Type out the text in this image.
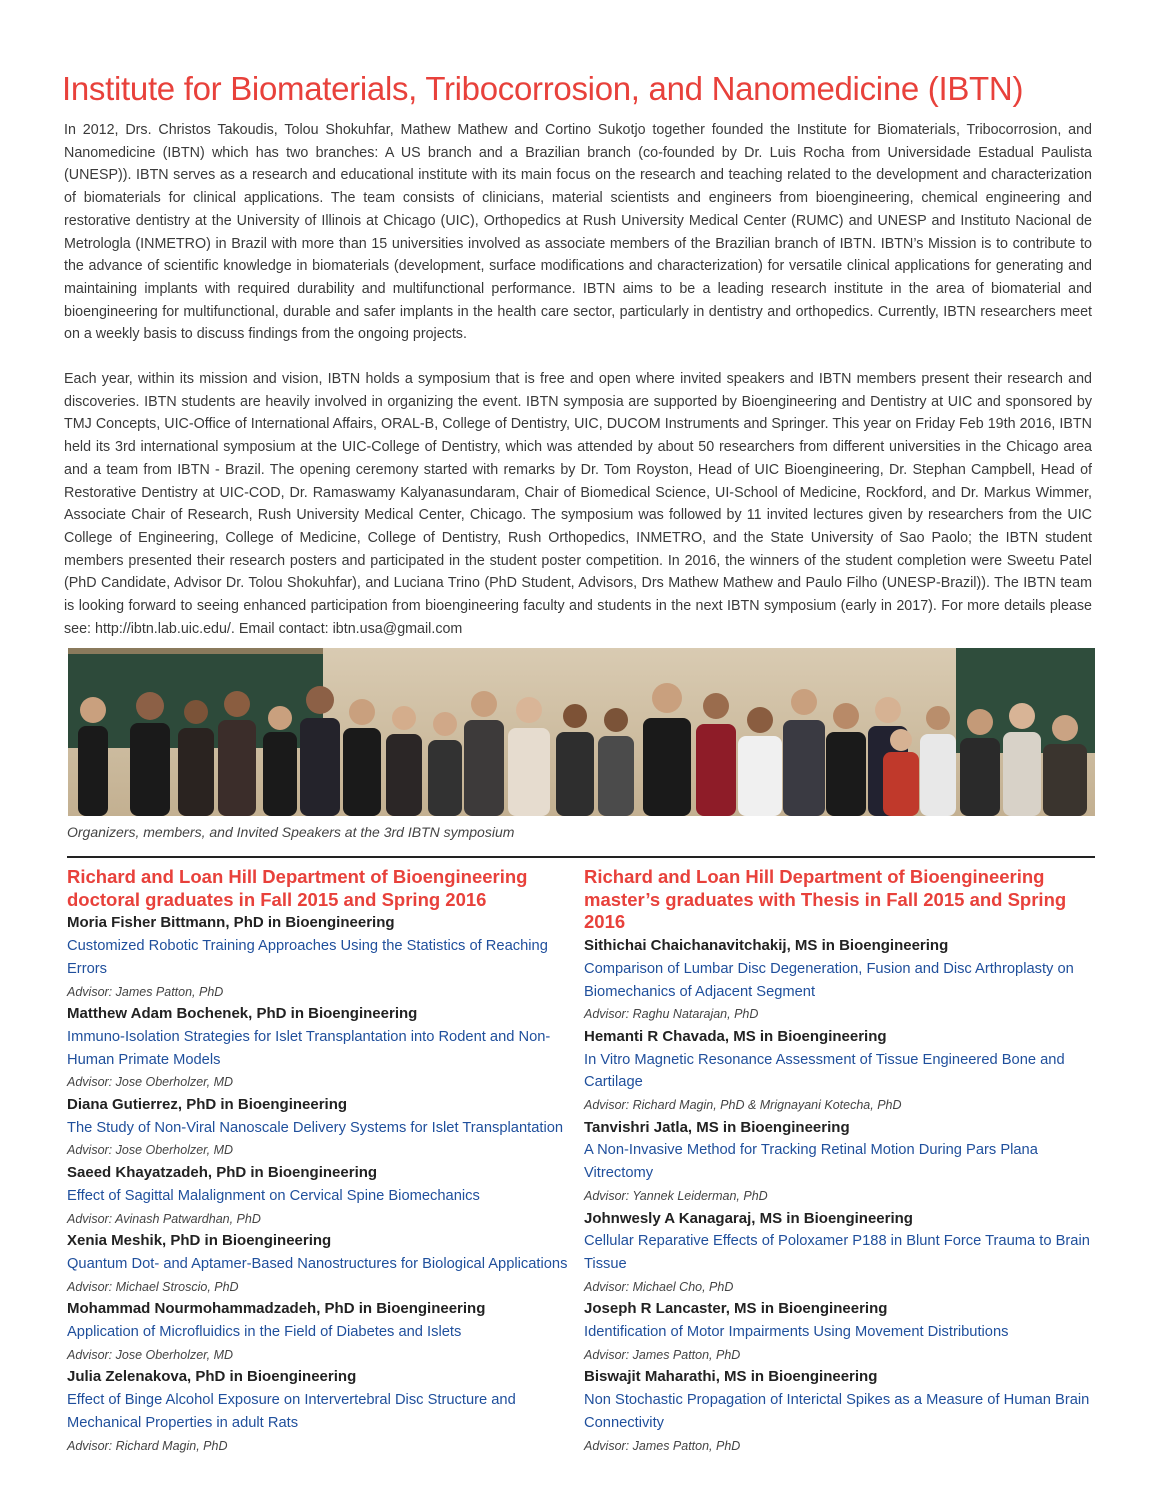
Institute for Biomaterials, Tribocorrosion, and Nanomedicine (IBTN)

In 2012, Drs. Christos Takoudis, Tolou Shokuhfar, Mathew Mathew and Cortino Sukotjo together founded the Institute for Biomaterials, Tribocorrosion, and Nanomedicine (IBTN) which has two branches: A US branch and a Brazilian branch (co-founded by Dr. Luis Rocha from Universidade Estadual Paulista (UNESP)). IBTN serves as a research and educational institute with its main focus on the research and teaching related to the development and characterization of biomaterials for clinical applications. The team consists of clinicians, material scientists and engineers from bioengineering, chemical engineering and restorative dentistry at the University of Illinois at Chicago (UIC), Orthopedics at Rush University Medical Center (RUMC) and UNESP and Instituto Nacional de Metrologla (INMETRO) in Brazil with more than 15 universities involved as associate members of the Brazilian branch of IBTN. IBTN’s Mission is to contribute to the advance of scientific knowledge in biomaterials (development, surface modifications and characterization) for versatile clinical applications for generating and maintaining implants with required durability and multifunctional performance. IBTN aims to be a leading research institute in the area of biomaterial and bioengineering for multifunctional, durable and safer implants in the health care sector, particularly in dentistry and orthopedics. Currently, IBTN researchers meet on a weekly basis to discuss findings from the ongoing projects.

Each year, within its mission and vision, IBTN holds a symposium that is free and open where invited speakers and IBTN members present their research and discoveries. IBTN students are heavily involved in organizing the event. IBTN symposia are supported by Bioengineering and Dentistry at UIC and sponsored by TMJ Concepts, UIC-Office of International Affairs, ORAL-B, College of Dentistry, UIC, DUCOM Instruments and Springer. This year on Friday Feb 19th 2016, IBTN held its 3rd international symposium at the UIC-College of Dentistry, which was attended by about 50 researchers from different universities in the Chicago area and a team from IBTN - Brazil. The opening ceremony started with remarks by Dr. Tom Royston, Head of UIC Bioengineering, Dr. Stephan Campbell, Head of Restorative Dentistry at UIC-COD, Dr. Ramaswamy Kalyanasundaram, Chair of Biomedical Science, UI-School of Medicine, Rockford, and Dr. Markus Wimmer, Associate Chair of Research, Rush University Medical Center, Chicago. The symposium was followed by 11 invited lectures given by researchers from the UIC College of Engineering, College of Medicine, College of Dentistry, Rush Orthopedics, INMETRO, and the State University of Sao Paolo; the IBTN student members presented their research posters and participated in the student poster competition. In 2016, the winners of the student completion were Sweetu Patel (PhD Candidate, Advisor Dr. Tolou Shokuhfar), and Luciana Trino (PhD Student, Advisors, Drs Mathew Mathew and Paulo Filho (UNESP-Brazil)). The IBTN team is looking forward to seeing enhanced participation from bioengineering faculty and students in the next IBTN symposium (early in 2017). For more details please see: http://ibtn.lab.uic.edu/. Email contact: ibtn.usa@gmail.com

Organizers, members, and Invited Speakers at the 3rd IBTN symposium

Richard and Loan Hill Department of Bioengineering doctoral graduates in Fall 2015 and Spring 2016
Moria Fisher Bittmann, PhD in Bioengineering
Customized Robotic Training Approaches Using the Statistics of Reaching Errors
Advisor: James Patton, PhD
Matthew Adam Bochenek, PhD in Bioengineering
Immuno-Isolation Strategies for Islet Transplantation into Rodent and Non-Human Primate Models
Advisor: Jose Oberholzer, MD
Diana Gutierrez, PhD in Bioengineering
The Study of Non-Viral Nanoscale Delivery Systems for Islet Transplantation
Advisor: Jose Oberholzer, MD
Saeed Khayatzadeh, PhD in Bioengineering
Effect of Sagittal Malalignment on Cervical Spine Biomechanics
Advisor: Avinash Patwardhan, PhD
Xenia Meshik, PhD in Bioengineering
Quantum Dot- and Aptamer-Based Nanostructures for Biological Applications
Advisor: Michael Stroscio, PhD
Mohammad Nourmohammadzadeh, PhD in Bioengineering
Application of Microfluidics in the Field of Diabetes and Islets
Advisor: Jose Oberholzer, MD
Julia Zelenakova, PhD in Bioengineering
Effect of Binge Alcohol Exposure on Intervertebral Disc Structure and Mechanical Properties in adult Rats
Advisor: Richard Magin, PhD
Richard and Loan Hill Department of Bioengineering master’s graduates with Thesis in Fall 2015 and Spring 2016
Sithichai Chaichanavitchakij, MS in Bioengineering
Comparison of Lumbar Disc Degeneration, Fusion and Disc Arthroplasty on Biomechanics of Adjacent Segment
Advisor: Raghu Natarajan, PhD
Hemanti R Chavada, MS in Bioengineering
In Vitro Magnetic Resonance Assessment of Tissue Engineered Bone and Cartilage
Advisor: Richard Magin, PhD & Mrignayani Kotecha, PhD
Tanvishri Jatla, MS in Bioengineering
A Non-Invasive Method for Tracking Retinal Motion During Pars Plana Vitrectomy
Advisor: Yannek Leiderman, PhD
Johnwesly A Kanagaraj, MS in Bioengineering
Cellular Reparative Effects of Poloxamer P188 in Blunt Force Trauma to Brain Tissue
Advisor: Michael Cho, PhD
Joseph R Lancaster, MS in Bioengineering
Identification of Motor Impairments Using Movement Distributions
Advisor: James Patton, PhD
Biswajit Maharathi, MS in Bioengineering
Non Stochastic Propagation of Interictal Spikes as a Measure of Human Brain Connectivity
Advisor: James Patton, PhD
